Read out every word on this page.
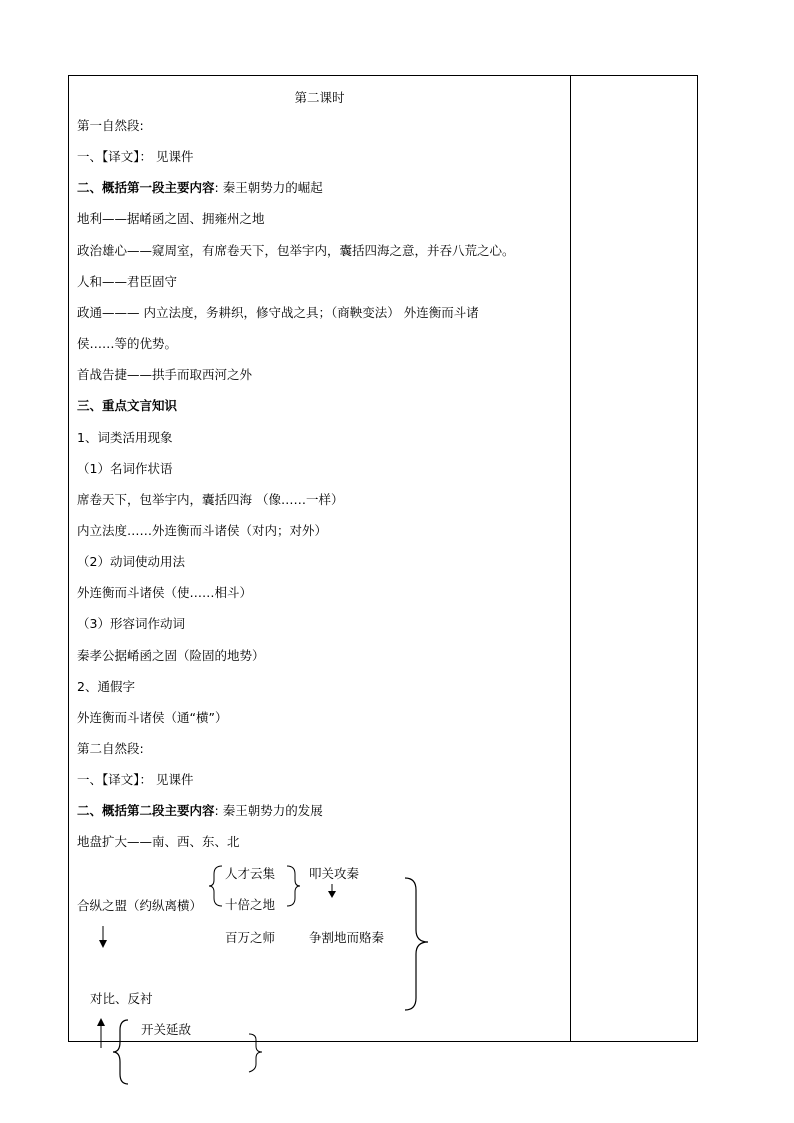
第二课时
第一自然段:
一、【译文】： 见课件
二、概括第一段主要内容: 秦王朝势力的崛起
地利——据崤函之固、拥雍州之地
政治雄心——窥周室，有席卷天下，包举宇内，囊括四海之意，并吞八荒之心。
人和——君臣固守
政通——— 内立法度，务耕织，修守战之具；（商鞅变法） 外连衡而斗诸
侯……等的优势。
首战告捷——拱手而取西河之外
三、重点文言知识
1、词类活用现象
（1）名词作状语
席卷天下，包举宇内，囊括四海 （像……一样）
内立法度……外连衡而斗诸侯（对内；对外）
（2）动词使动用法
外连衡而斗诸侯（使……相斗）
（3）形容词作动词
秦孝公据崤函之固（险固的地势）
2、通假字
外连衡而斗诸侯（通“横”）
第二自然段:
一、【译文】： 见课件
二、概括第二段主要内容: 秦王朝势力的发展
地盘扩大——南、西、东、北
人才云集
十倍之地
叩关攻秦
合纵之盟（约纵离横）
百万之师	争割地而赂秦
对比、反衬
开关延敌
